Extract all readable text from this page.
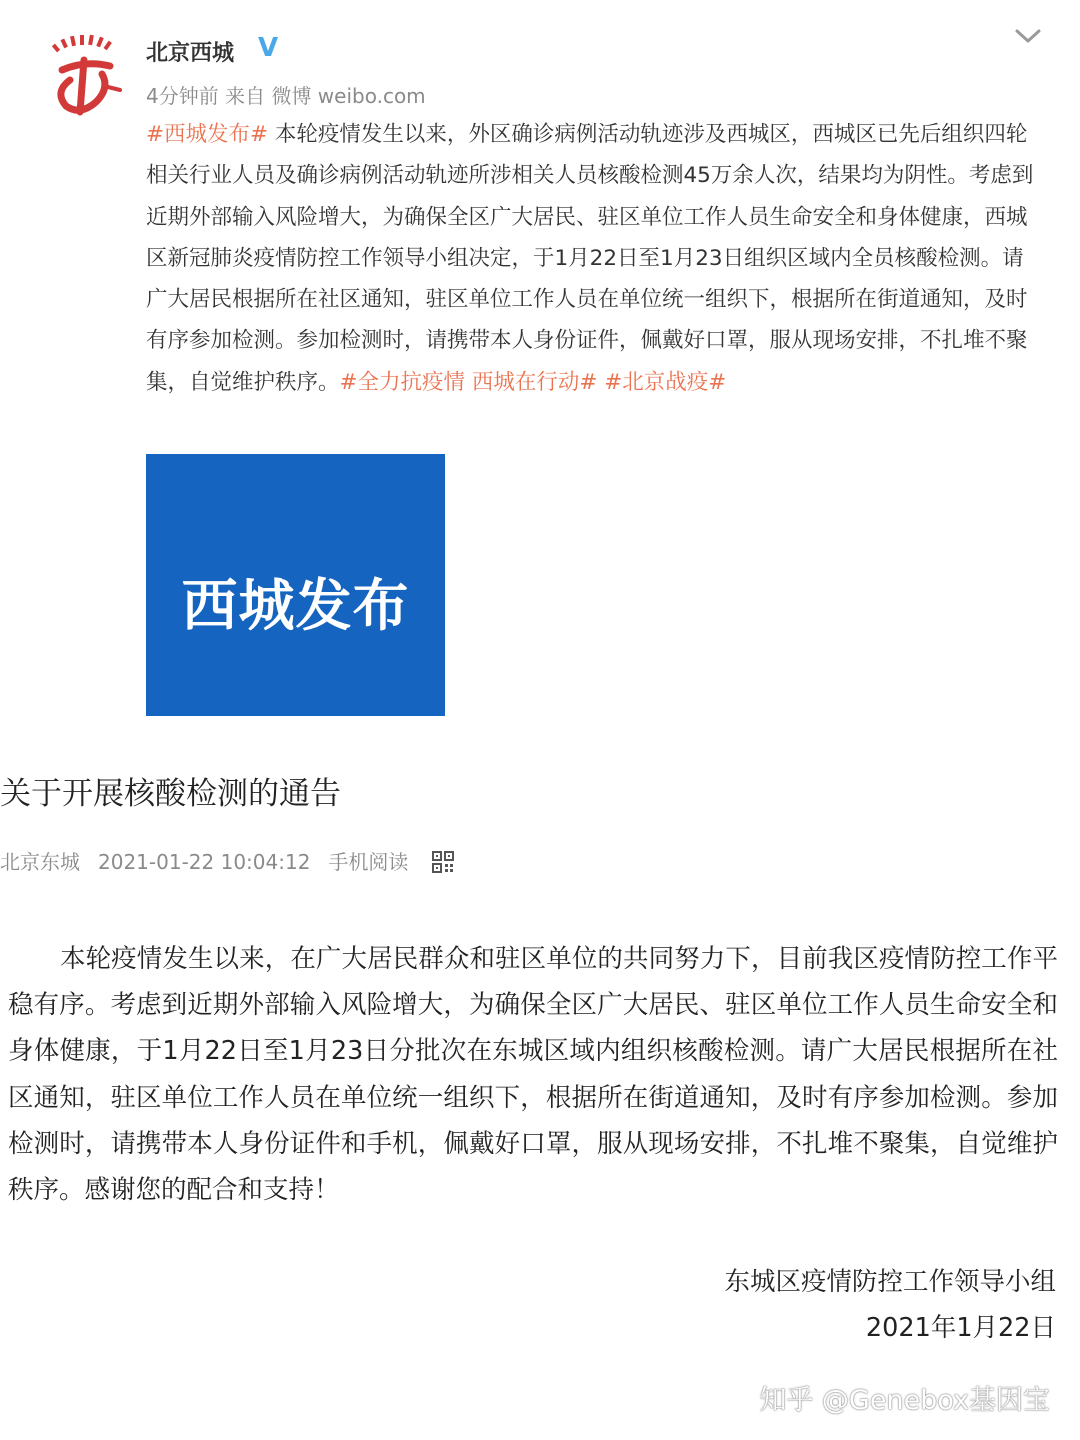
北京西城 V
4分钟前 来自 微博 weibo.com
#西城发布# 本轮疫情发生以来，外区确诊病例活动轨迹涉及西城区，西城区已先后组织四轮相关行业人员及确诊病例活动轨迹所涉相关人员核酸检测45万余人次，结果均为阴性。考虑到近期外部输入风险增大，为确保全区广大居民、驻区单位工作人员生命安全和身体健康，西城区新冠肺炎疫情防控工作领导小组决定，于1月22日至1月23日组织区域内全员核酸检测。请广大居民根据所在社区通知，驻区单位工作人员在单位统一组织下，根据所在街道通知，及时有序参加检测。参加检测时，请携带本人身份证件，佩戴好口罩，服从现场安排，不扎堆不聚集，自觉维护秩序。#全力抗疫情 西城在行动# #北京战疫#
西城发布
关于开展核酸检测的通告
北京东城 2021-01-22 10:04:12 手机阅读
本轮疫情发生以来，在广大居民群众和驻区单位的共同努力下，目前我区疫情防控工作平稳有序。考虑到近期外部输入风险增大，为确保全区广大居民、驻区单位工作人员生命安全和身体健康，于1月22日至1月23日分批次在东城区域内组织核酸检测。请广大居民根据所在社区通知，驻区单位工作人员在单位统一组织下，根据所在街道通知，及时有序参加检测。参加检测时，请携带本人身份证件和手机，佩戴好口罩，服从现场安排，不扎堆不聚集，自觉维护秩序。感谢您的配合和支持！
东城区疫情防控工作领导小组
2021年1月22日
知乎 @Genebox基因宝
